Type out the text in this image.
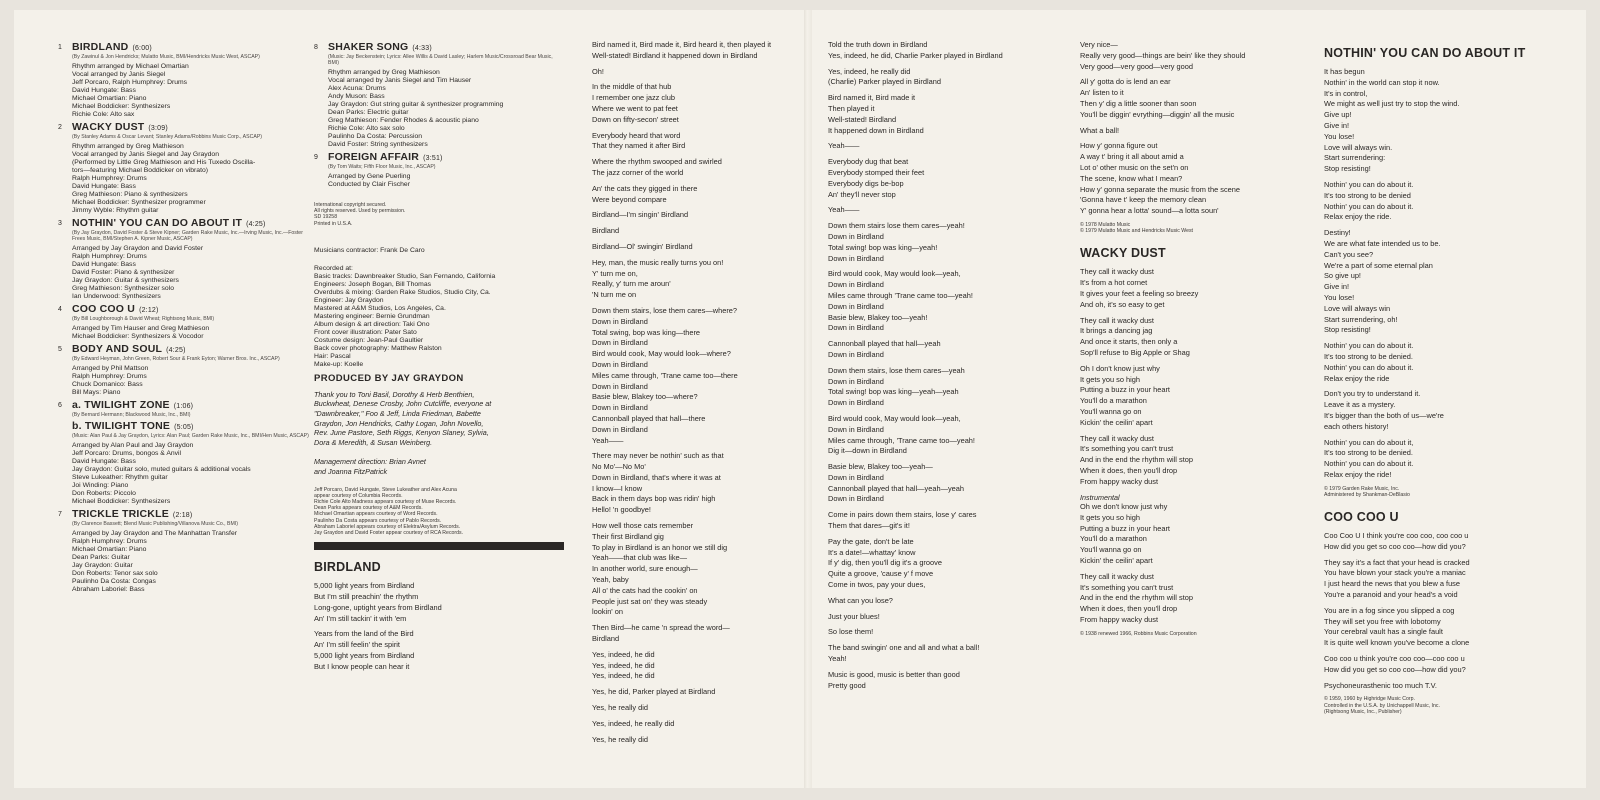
1 BIRDLAND (6:00)
(By Zawinul & Jon Hendricks; Mulatto Music, BMI/Hendricks Music West, ASCAP)
Rhythm arranged by Michael Omartian
Vocal arranged by Janis Siegel
Jeff Porcaro, Ralph Humphrey: Drums
David Hungate: Bass
Michael Omartian: Piano
Michael Boddicker: Synthesizers
Richie Cole: Alto sax
2 WACKY DUST (3:09)
(By Stanley Adams & Oscar Levant; Stanley Adams/Robbins Music Corp., ASCAP)
Rhythm arranged by Greg Mathieson
Vocal arranged by Janis Siegel and Jay Graydon
(Performed by Little Greg Mathieson and His Tuxedo Oscilla-
tors—featuring Michael Boddicker on vibrato)
Ralph Humphrey: Drums
David Hungate: Bass
Greg Mathieson: Piano & synthesizers
Michael Boddicker: Synthesizer programmer
Jimmy Wyble: Rhythm guitar
3 NOTHIN' YOU CAN DO ABOUT IT (4:25)
(By Jay Graydon, David Foster & Steve Kipner; Garden Rake Music, Inc.—Irving Music, Inc.—Foster Frees Music, BMI/Stephen A. Kipner Music, ASCAP)
Arranged by Jay Graydon and David Foster
Ralph Humphrey: Drums
David Hungate: Bass
David Foster: Piano & synthesizer
Jay Graydon: Guitar & synthesizers
Greg Mathieson: Synthesizer solo
Ian Underwood: Synthesizers
4 COO COO U (2:12)
(By Bill Loughborough & David Wheat; Rightsong Music, BMI)
Arranged by Tim Hauser and Greg Mathieson
Michael Boddicker: Synthesizers & Vocodor
5 BODY AND SOUL (4:25)
(By Edward Heyman, John Green, Robert Sour & Frank Eyton; Warner Bros. Inc., ASCAP)
Arranged by Phil Mattson
Ralph Humphrey: Drums
Chuck Domanico: Bass
Bill Mays: Piano
6 a. TWILIGHT ZONE (1:06)
(By Bernard Hermann; Blackwood Music, Inc., BMI)
b. TWILIGHT TONE (5:05)
(Music: Alan Paul & Jay Graydon, Lyrics: Alan Paul; Garden Rake Music, Inc., BMI/Hen Music, ASCAP)
Arranged by Alan Paul and Jay Graydon
Jeff Porcaro: Drums, bongos & Anvil
David Hungate: Bass
Jay Graydon: Guitar solo, muted guitars & additional vocals
Steve Lukeather: Rhythm guitar
Joi Winding: Piano
Don Roberts: Piccolo
Michael Boddicker: Synthesizers
7 TRICKLE TRICKLE (2:18)
(By Clarence Bassett; Blend Music Publishing/Villanova Music Co., BMI)
Arranged by Jay Graydon and The Manhattan Transfer
Ralph Humphrey: Drums
Michael Omartian: Piano
Dean Parks: Guitar
Jay Graydon: Guitar
Don Roberts: Tenor sax solo
Paulinho Da Costa: Congas
Abraham Laboriel: Bass
8 SHAKER SONG (4:33)
(Music: Jay Beckenstein; Lyrics: Allee Willis & David Lasley; Harlem Music/Crossroad Bear Music, BMI)
Rhythm arranged by Greg Mathieson
Vocal arranged by Janis Siegel and Tim Hauser
Alex Acuna: Drums
Andy Muson: Bass
Jay Graydon: Gut string guitar & synthesizer programming
Dean Parks: Electric guitar
Greg Mathieson: Fender Rhodes & acoustic piano
Richie Cole: Alto sax solo
Paulinho Da Costa: Percussion
David Foster: String synthesizers
9 FOREIGN AFFAIR (3:51)
(By Tom Waits; Fifth Floor Music, Inc., ASCAP)
Arranged by Gene Puerling
Conducted by Clair Fischer
International copyright secured.
All rights reserved. Used by permission.
SD 19258
Printed in U.S.A.
Musicians contractor: Frank De Caro
Recorded at:
Basic tracks: Dawnbreaker Studio, San Fernando, California
Engineers: Joseph Bogan, Bill Thomas
Overdubs & mixing: Garden Rake Studios, Studio City, Ca.
Engineer: Jay Graydon
Mastered at A&M Studios, Los Angeles, Ca.
Mastering engineer: Bernie Grundman
Album design & art direction: Taki Ono
Front cover illustration: Pater Sato
Costume design: Jean-Paul Gaultier
Back cover photography: Matthew Ralston
Hair: Pascal
Make-up: Koelle
PRODUCED BY JAY GRAYDON
Thank you to Toni Basil, Dorothy & Herb Benthien,
Buckwheat, Denese Crosby, John Cutcliffe, everyone at
"Dawnbreaker," Foo & Jeff, Linda Friedman, Babette
Graydon, Jon Hendricks, Cathy Logan, John Novello,
Rev. June Pastore, Seth Riggs, Kenyon Slaney, Sylvia,
Dora & Meredith, & Susan Weinberg.
Management direction: Brian Avnet
and Joanna FitzPatrick
Jeff Porcaro, David Hungate, Steve Lukeather and Alex Acuna
appear courtesy of Columbia Records.
Richie Cole Alto Madness appears courtesy of Muse Records.
Dean Parks appears courtesy of A&M Records.
Michael Omartian appears courtesy of Word Records.
Paulinho Da Costa appears courtesy of Pablo Records.
Abraham Laboriel appears courtesy of Elektra/Asylum Records.
Jay Graydon and David Foster appear courtesy of RCA Records.
BIRDLAND
5,000 light years from Birdland
But I'm still preachin' the rhythm
Long-gone, uptight years from Birdland
An' I'm still tackin' it with 'em
Years from the land of the Bird
An' I'm still feelin' the spirit
5,000 light years from Birdland
But I know people can hear it
Bird named it, Bird made it, Bird heard it, then played it
Well-stated! Birdland it happened down in Birdland
Oh!
In the middle of that hub
I remember one jazz club
Where we went to pat feet
Down on fifty-secon' street
Everybody heard that word
That they named it after Bird
Where the rhythm swooped and swirled
The jazz corner of the world
An' the cats they gigged in there
Were beyond compare
Birdland—I'm singin' Birdland
Birdland
Birdland—Ol' swingin' Birdland
Hey, man, the music really turns you on!
Y' turn me on,
Really, y' turn me aroun'
'N turn me on
Down them stairs, lose them cares—where?
Down in Birdland
Total swing, bop was king—there
Down in Birdland
Bird would cook, May would look—where?
Down in Birdland
Miles came through, 'Trane came too—there
Down in Birdland
Basie blew, Blakey too—where?
Down in Birdland
Cannonball played that hall—there
Down in Birdland
Yeah——
There may never be nothin' such as that
No Mo'—No Mo'
Down in Birdland, that's where it was at
I know—I know
Back in them days bop was ridin' high
Hello! 'n goodbye!
How well those cats remember
Their first Birdland gig
To play in Birdland is an honor we still dig
Yeah——that club was like—
In another world, sure enough—
Yeah, baby
All o' the cats had the cookin' on
People just sat on' they was steady
lookin' on
Then Bird—he came 'n spread the word—
Birdland
Yes, indeed, he did
Yes, indeed, he did
Yes, indeed, he did
Yes, he did, Parker played at Birdland
Yes, he really did
Yes, indeed, he really did
Yes, he really did
Told the truth down in Birdland
Yes, indeed, he did, Charlie Parker played in Birdland
Yes, indeed, he really did
(Charlie) Parker played in Birdland
Bird named it, Bird made it
Then played it
Well-stated! Birdland
It happened down in Birdland
Yeah——
Everybody dug that beat
Everybody stomped their feet
Everybody digs be-bop
An' they'll never stop
Yeah——
Down them stairs lose them cares—yeah!
Down in Birdland
Total swing! bop was king—yeah!
Down in Birdland
Bird would cook, May would look—yeah,
Down in Birdland
Miles came through 'Trane came too—yeah!
Down in Birdland
Basie blew, Blakey too—yeah!
Down in Birdland
Cannonball played that hall—yeah
Down in Birdland
Down them stairs, lose them cares—yeah
Down in Birdland
Total swing! bop was king—yeah—yeah
Down in Birdland
Bird would cook, May would look—yeah,
Down in Birdland
Miles came through, 'Trane came too—yeah!
Dig it—down in Birdland
Basie blew, Blakey too—yeah—
Down in Birdland
Cannonball played that hall—yeah—yeah
Down in Birdland
Come in pairs down them stairs, lose y' cares
Them that dares—git's it!
Pay the gate, don't be late
It's a date!—whattay' know
If y' dig, then you'll dig it's a groove
Quite a groove, 'cause y' f move
Come in twos, pay your dues,
What can you lose?
Just your blues!
So lose them!
The band swingin' one and all and what a ball!
Yeah!
Music is good, music is better than good
Pretty good
Very nice—
Really very good—things are bein' like they should
Very good—very good—very good
All y' gotta do is lend an ear
An' listen to it
Then y' dig a little sooner than soon
You'll be diggin' evrything—diggin' all the music
What a ball!
How y' gonna figure out
A way t' bring it all about amid a
Lot o' other music on the set'n on
The scene, know what I mean?
How y' gonna separate the music from the scene
'Gonna have t' keep the memory clean
Y' gonna hear a lotta' sound—a lotta soun'
© 1978 Mulatto Music
© 1979 Mulatto Music and Hendricks Music West
WACKY DUST
They call it wacky dust
It's from a hot cornet
It gives your feet a feeling so breezy
And oh, it's so easy to get
They call it wacky dust
It brings a dancing jag
And once it starts, then only a
Sop'll refuse to Big Apple or Shag
Oh I don't know just why
It gets you so high
Putting a buzz in your heart
You'll do a marathon
You'll wanna go on
Kickin' the ceilin' apart
They call it wacky dust
It's something you can't trust
And in the end the rhythm will stop
When it does, then you'll drop
From happy wacky dust
Instrumental
Oh we don't know just why
It gets you so high
Putting a buzz in your heart
You'll do a marathon
You'll wanna go on
Kickin' the ceilin' apart
They call it wacky dust
It's something you can't trust
And in the end the rhythm will stop
When it does, then you'll drop
From happy wacky dust
© 1938 renewed 1966, Robbins Music Corporation
NOTHIN' YOU CAN DO ABOUT IT
It has begun
Nothin' in the world can stop it now.
It's in control,
We might as well just try to stop the wind.
Give up!
Give in!
You lose!
Love will always win.
Start surrendering:
Stop resisting!
Nothin' you can do about it.
It's too strong to be denied
Nothin' you can do about it.
Relax enjoy the ride.
Destiny!
We are what fate intended us to be.
Can't you see?
We're a part of some eternal plan
So give up!
Give in!
You lose!
Love will always win
Start surrendering, oh!
Stop resisting!
Nothin' you can do about it.
It's too strong to be denied.
Nothin' you can do about it.
Relax enjoy the ride
Don't you try to understand it.
Leave it as a mystery.
It's bigger than the both of us—we're
each others history!
Nothin' you can do about it,
It's too strong to be denied.
Nothin' you can do about it.
Relax enjoy the ride!
© 1979 Garden Rake Music, Inc.
Administered by Shankman-DeBlasio
COO COO U
Coo Coo U I think you're coo coo, coo coo u
How did you get so coo coo—how did you?
They say it's a fact that your head is cracked
You have blown your stack you're a maniac
I just heard the news that you blew a fuse
You're a paranoid and your head's a void
You are in a fog since you slipped a cog
They will set you free with lobotomy
Your cerebral vault has a single fault
It is quite well known you've become a clone
Coo coo u think you're coo coo—coo coo u
How did you get so coo coo—how did you?
Psychoneurasthenic too much T.V.
© 1959, 1960 by Highridge Music Corp.
Controlled in the U.S.A. by Unichappell Music, Inc.
(Rightsong Music, Inc., Publisher)
